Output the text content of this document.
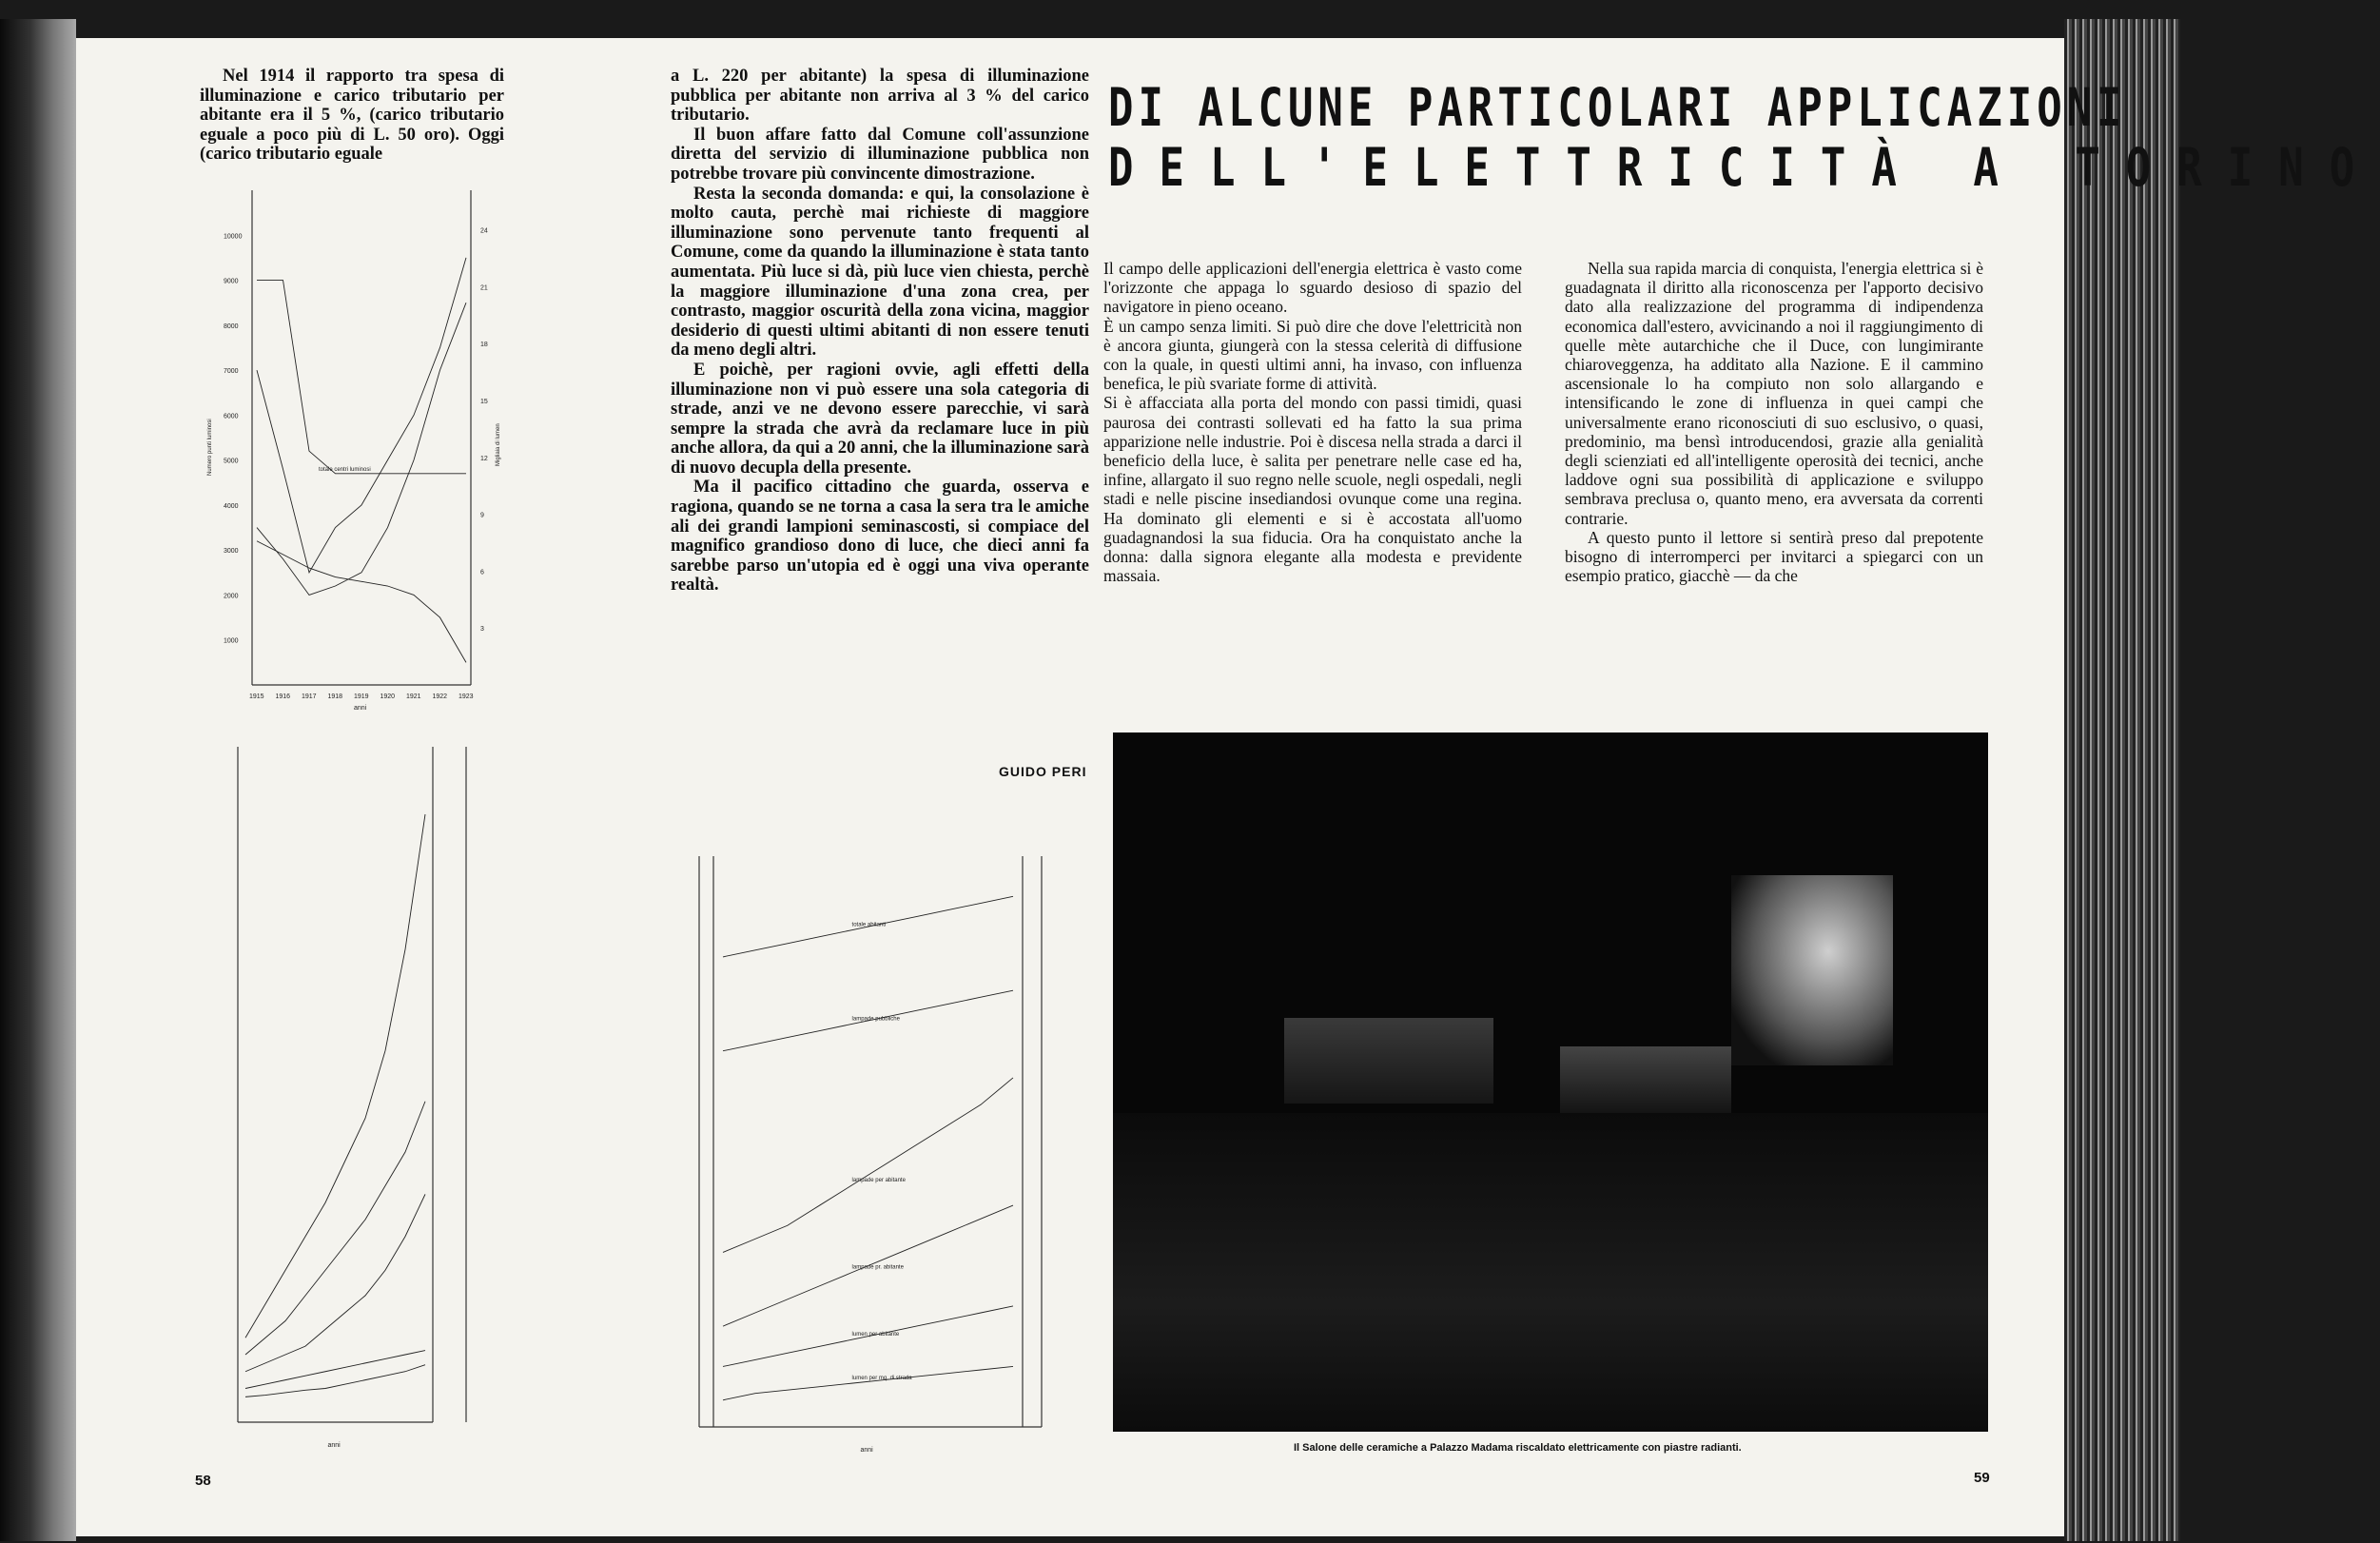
Nel 1914 il rapporto tra spesa di illuminazione e carico tributario per abitante era il 5 %, (carico tributario eguale a poco più di L. 50 oro). Oggi (carico tributario eguale

10000
9000
8000
7000
6000
5000
4000
3000
2000
1000
24
21
18
15
12
9
6
3
1915 1916 1917 1918 1919 1920 1921 1922 1923
anni
totale centri luminosi
Numero punti luminosi	Migliaia di lumen
anni

a L. 220 per abitante) la spesa di illuminazione pubblica per abitante non arriva al 3 % del carico tributario.

Il buon affare fatto dal Comune coll'assunzione diretta del servizio di illuminazione pubblica non potrebbe trovare più convincente dimostrazione.

Resta la seconda domanda: e qui, la consolazione è molto cauta, perchè mai richieste di maggiore illuminazione sono pervenute tanto frequenti al Comune, come da quando la illuminazione è stata tanto aumentata. Più luce si dà, più luce vien chiesta, perchè la maggiore illuminazione d'una zona crea, per contrasto, maggior oscurità della zona vicina, maggior desiderio di questi ultimi abitanti di non essere tenuti da meno degli altri.

E poichè, per ragioni ovvie, agli effetti della illuminazione non vi può essere una sola categoria di strade, anzi ve ne devono essere parecchie, vi sarà sempre la strada che avrà da reclamare luce in più anche allora, da qui a 20 anni, che la illuminazione sarà di nuovo decupla della presente.

Ma il pacifico cittadino che guarda, osserva e ragiona, quando se ne torna a casa la sera tra le amiche ali dei grandi lampioni seminascosti, si compiace del magnifico grandioso dono di luce, che dieci anni fa sarebbe parso un'utopia ed è oggi una viva operante realtà.

GUIDO PERI
totale abitanti
lampade pubbliche
lampade per abitante
lampade pr. abitante
lumen per abitante
lumen per mq. di strada
anni
58
DI ALCUNE PARTICOLARI APPLICAZIONI
DELL'ELETTRICITÀ A TORINO

Il campo delle applicazioni dell'energia elettrica è vasto come l'orizzonte che appaga lo sguardo desioso di spazio del navigatore in pieno oceano.

È un campo senza limiti. Si può dire che dove l'elettricità non è ancora giunta, giungerà con la stessa celerità di diffusione con la quale, in questi ultimi anni, ha invaso, con influenza benefica, le più svariate forme di attività.

Si è affacciata alla porta del mondo con passi timidi, quasi paurosa dei contrasti sollevati ed ha fatto la sua prima apparizione nelle industrie. Poi è discesa nella strada a darci il beneficio della luce, è salita per penetrare nelle case ed ha, infine, allargato il suo regno nelle scuole, negli ospedali, negli stadi e nelle piscine insediandosi ovunque come una regina. Ha dominato gli elementi e si è accostata all'uomo guadagnandosi la sua fiducia. Ora ha conquistato anche la donna: dalla signora elegante alla modesta e previdente massaia.

Nella sua rapida marcia di conquista, l'energia elettrica si è guadagnata il diritto alla riconoscenza per l'apporto decisivo dato alla realizzazione del programma di indipendenza economica dall'estero, avvicinando a noi il raggiungimento di quelle mète autarchiche che il Duce, con lungimirante chiaroveggenza, ha additato alla Nazione. E il cammino ascensionale lo ha compiuto non solo allargando e intensificando le zone di influenza in quei campi che universalmente erano riconosciuti di suo esclusivo, o quasi, predominio, ma bensì introducendosi, grazie alla genialità degli scienziati ed all'intelligente operosità dei tecnici, anche laddove ogni sua possibilità di applicazione e sviluppo sembrava preclusa o, quanto meno, era avversata da correnti contrarie.

A questo punto il lettore si sentirà preso dal prepotente bisogno di interromperci per invitarci a spiegarci con un esempio pratico, giacchè — da che

Il Salone delle ceramiche a Palazzo Madama riscaldato elettricamente con piastre radianti.
59
